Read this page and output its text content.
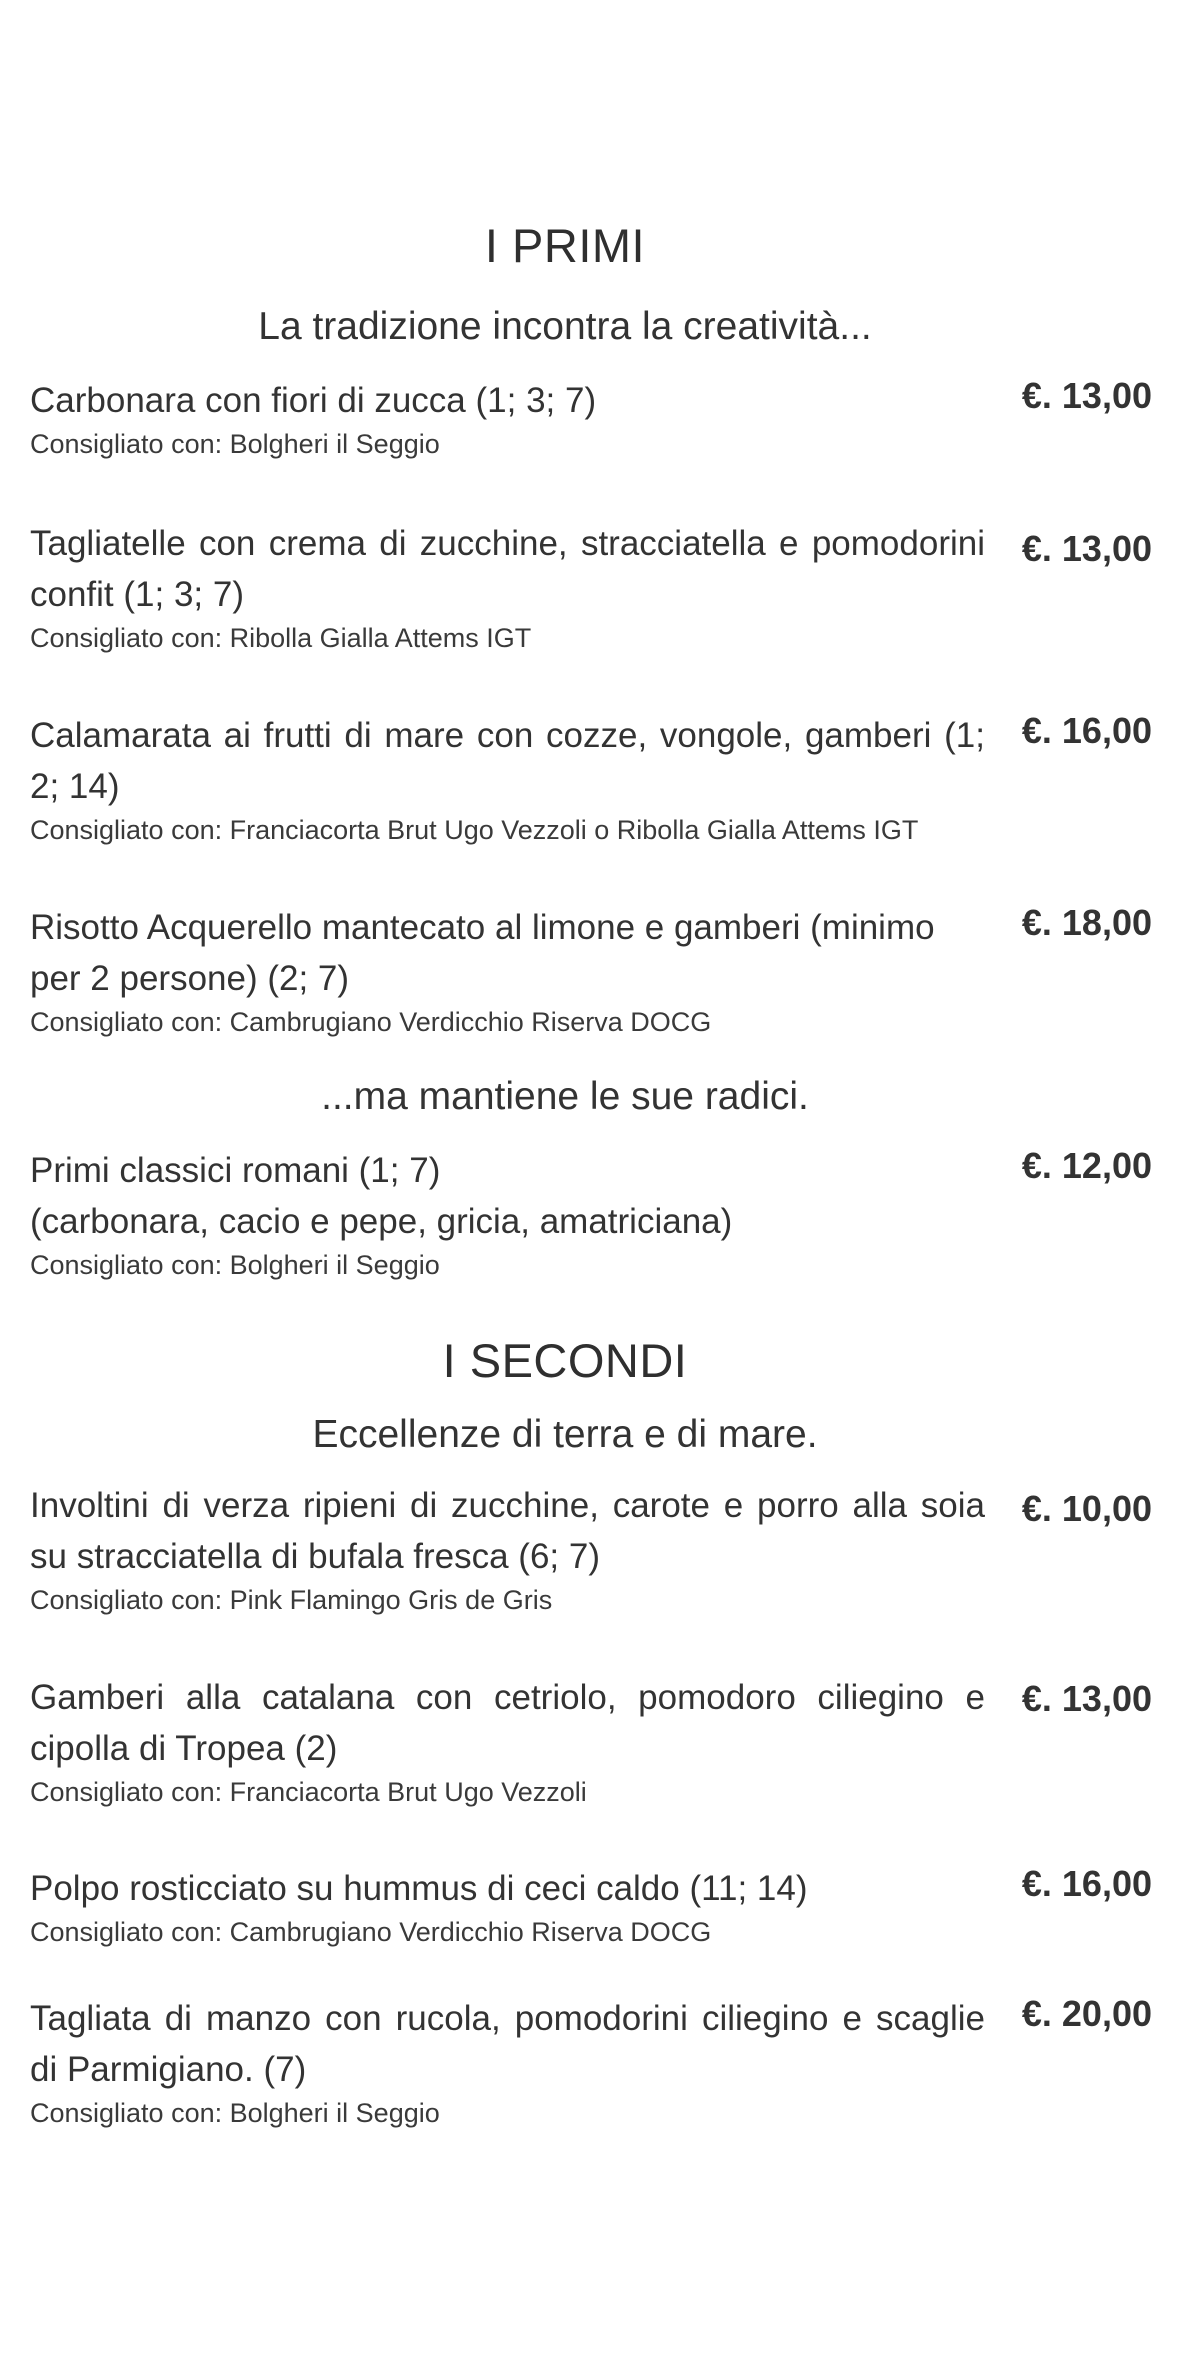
I PRIMI
La tradizione incontra la creatività...
Carbonara con fiori di zucca (1; 3; 7)
Consigliato con: Bolgheri il Seggio
€. 13,00
Tagliatelle con crema di zucchine, stracciatella e pomodorini confit (1; 3; 7)
Consigliato con: Ribolla Gialla Attems IGT
€. 13,00
Calamarata ai frutti di mare con cozze, vongole, gamberi (1; 2; 14)
Consigliato con: Franciacorta Brut Ugo Vezzoli o Ribolla Gialla Attems IGT
€. 16,00
Risotto Acquerello mantecato al limone e gamberi (minimo per 2 persone) (2; 7)
Consigliato con: Cambrugiano Verdicchio Riserva DOCG
€. 18,00
...ma mantiene le sue radici.
Primi classici romani (1; 7)
(carbonara, cacio e pepe, gricia, amatriciana)
Consigliato con: Bolgheri il Seggio
€. 12,00
I SECONDI
Eccellenze di terra e di mare.
Involtini di verza ripieni di zucchine, carote e porro alla soia su stracciatella di bufala fresca (6; 7)
Consigliato con: Pink Flamingo Gris de Gris
€. 10,00
Gamberi alla catalana con cetriolo, pomodoro ciliegino e cipolla di Tropea (2)
Consigliato con: Franciacorta Brut Ugo Vezzoli
€. 13,00
Polpo rosticciato su hummus di ceci caldo (11; 14)
Consigliato con: Cambrugiano Verdicchio Riserva DOCG
€. 16,00
Tagliata di manzo con rucola, pomodorini ciliegino e scaglie di Parmigiano. (7)
Consigliato con: Bolgheri il Seggio
€. 20,00
